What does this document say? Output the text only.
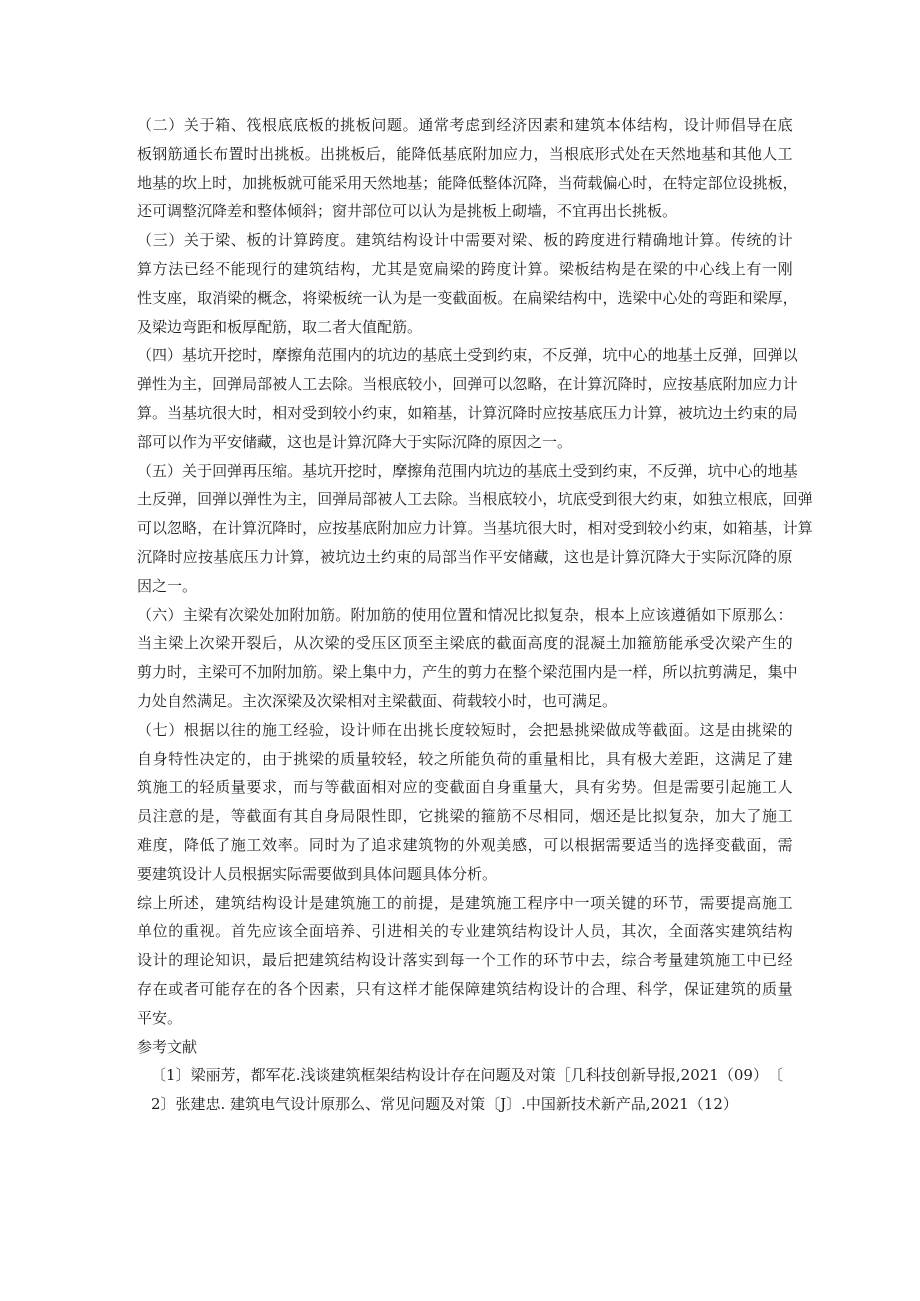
（ 二 ） 关 于 箱 、 筏 根 底 底 板 的 挑 板 问 题 。 通 常 考 虑 到 经 济 因 素 和 建 筑 本 体 结 构 ， 设 计 师 倡 导 在 底
板 钢 筋 通 长 布 置 时 出 挑 板 。 出 挑 板 后 ， 能 降 低 基 底 附 加 应 力 ， 当 根 底 形 式 处 在 天 然 地 基 和 其 他 人 工
地 基 的 坎 上 时 ， 加 挑 板 就 可 能 采 用 天 然 地 基 ； 能 降 低 整 体 沉 降 ， 当 荷 载 偏 心 时 ， 在 特 定 部 位 设 挑 板 ，
还可调整沉降差和整体倾斜；窗井部位可以认为是挑板上砌墙，不宜再出长挑板。
（ 三 ） 关 于 梁 、 板 的 计 算 跨 度 。 建 筑 结 构 设 计 中 需 要 对 梁 、 板 的 跨 度 进 行 精 确 地 计 算 。 传 统 的 计
算 方 法 已 经 不 能 现 行 的 建 筑 结 构 ， 尤 其 是 宽 扁 梁 的 跨 度 计 算 。 梁 板 结 构 是 在 梁 的 中 心 线 上 有 一 刚
性 支 座 ， 取 消 梁 的 概 念 ， 将 梁 板 统 一 认 为 是 一 变 截 面 板 。 在 扁 梁 结 构 中 ， 选 梁 中 心 处 的 弯 距 和 梁 厚 ，
及梁边弯距和板厚配筋，取二者大值配筋。
（ 四 ） 基 坑 开 挖 时 ， 摩 擦 角 范 围 内 的 坑 边 的 基 底 土 受 到 约 束 ， 不 反 弹 ， 坑 中 心 的 地 基 土 反 弹 ， 回 弹 以
弹 性 为 主 ， 回 弹 局 部 被 人 工 去 除 。 当 根 底 较 小 ， 回 弹 可 以 忽 略 ， 在 计 算 沉 降 时 ， 应 按 基 底 附 加 应 力 计
算 。 当 基 坑 很 大 时 ， 相 对 受 到 较 小 约 束 ， 如 箱 基 ， 计 算 沉 降 时 应 按 基 底 压 力 计 算 ， 被 坑 边 土 约 束 的 局
部可以作为平安储藏，这也是计算沉降大于实际沉降的原因之一。
（ 五 ） 关 于 回 弹 再 压 缩 。 基 坑 开 挖 时 ， 摩 擦 角 范 围 内 坑 边 的 基 底 土 受 到 约 束 ， 不 反 弹 ， 坑 中 心 的 地 基
土 反 弹 ， 回 弹 以 弹 性 为 主 ， 回 弹 局 部 被 人 工 去 除 。 当 根 底 较 小 ， 坑 底 受 到 很 大 约 束 ， 如 独 立 根 底 ， 回 弹
可 以 忽 略 ， 在 计 算 沉 降 时 ， 应 按 基 底 附 加 应 力 计 算 。 当 基 坑 很 大 时 ， 相 对 受 到 较 小 约 束 ， 如 箱 基 ， 计 算
沉 降 时 应 按 基 底 压 力 计 算 ， 被 坑 边 土 约 束 的 局 部 当 作 平 安 储 藏 ， 这 也 是 计 算 沉 降 大 于 实 际 沉 降 的 原
因之一。
（ 六 ） 主 梁 有 次 梁 处 加 附 加 筋 。 附 加 筋 的 使 用 位 置 和 情 况 比 拟 复 杂 ， 根 本 上 应 该 遵 循 如 下 原 那 么 ：
当 主 梁 上 次 梁 开 裂 后 ， 从 次 梁 的 受 压 区 顶 至 主 梁 底 的 截 面 高 度 的 混 凝 土 加 箍 筋 能 承 受 次 梁 产 生 的
剪 力 时 ， 主 梁 可 不 加 附 加 筋 。 梁 上 集 中 力 ， 产 生 的 剪 力 在 整 个 梁 范 围 内 是 一 样 ， 所 以 抗 剪 满 足 ， 集 中
力处自然满足。主次深梁及次梁相对主梁截面、荷载较小时，也可满足。
（ 七 ） 根 据 以 往 的 施 工 经 验 ， 设 计 师 在 出 挑 长 度 较 短 时 ， 会 把 悬 挑 梁 做 成 等 截 面 。 这 是 由 挑 梁 的
自 身 特 性 决 定 的 ， 由 于 挑 梁 的 质 量 较 轻 ， 较 之 所 能 负 荷 的 重 量 相 比 ， 具 有 极 大 差 距 ， 这 满 足 了 建
筑 施 工 的 轻 质 量 要 求 ， 而 与 等 截 面 相 对 应 的 变 截 面 自 身 重 量 大 ， 具 有 劣 势 。 但 是 需 要 引 起 施 工 人
员 注 意 的 是 ， 等 截 面 有 其 自 身 局 限 性 即 ， 它 挑 梁 的 箍 筋 不 尽 相 同 ， 烟 还 是 比 拟 复 杂 ， 加 大 了 施 工
难 度 ， 降 低 了 施 工 效 率 。 同 时 为 了 追 求 建 筑 物 的 外 观 美 感 ， 可 以 根 据 需 要 适 当 的 选 择 变 截 面 ， 需
要建筑设计人员根据实际需要做到具体问题具体分析。
综 上 所 述 ， 建 筑 结 构 设 计 是 建 筑 施 工 的 前 提 ， 是 建 筑 施 工 程 序 中 一 项 关 键 的 环 节 ， 需 要 提 高 施 工
单 位 的 重 视 。 首 先 应 该 全 面 培 养 、 引 进 相 关 的 专 业 建 筑 结 构 设 计 人 员 ， 其 次 ， 全 面 落 实 建 筑 结 构
设 计 的 理 论 知 识 ， 最 后 把 建 筑 结 构 设 计 落 实 到 每 一 个 工 作 的 环 节 中 去 ， 综 合 考 量 建 筑 施 工 中 已 经
存 在 或 者 可 能 存 在 的 各 个 因 素 ， 只 有 这 样 才 能 保 障 建 筑 结 构 设 计 的 合 理 、 科 学 ， 保 证 建 筑 的 质 量
平安。
参考文献
〔 1 〕 梁 丽 芳 ， 都 军 花 . 浅 谈 建 筑 框 架 结 构 设 计 存 在 问 题 及 对 策 ［ 几 科 技 创 新 导 报 , 2 0 2 1 （ 0 9 ） 〔
2〕张建忠. 建筑电气设计原那么、常见问题及对策〔J〕.中国新技术新产品,2021（12）
